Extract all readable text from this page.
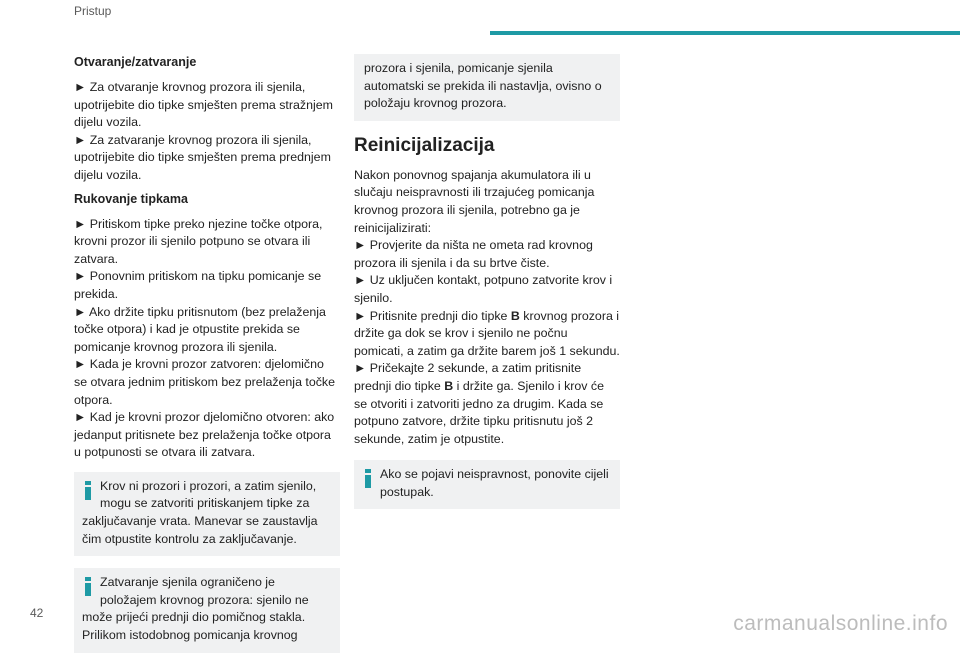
Pristup
Otvaranje/zatvaranje

► Za otvaranje krovnog prozora ili sjenila, upotrijebite dio tipke smješten prema stražnjem dijelu vozila.

► Za zatvaranje krovnog prozora ili sjenila, upotrijebite dio tipke smješten prema prednjem dijelu vozila.

Rukovanje tipkama

► Pritiskom tipke preko njezine točke otpora, krovni prozor ili sjenilo potpuno se otvara ili zatvara.

► Ponovnim pritiskom na tipku pomicanje se prekida.

► Ako držite tipku pritisnutom (bez prelaženja točke otpora) i kad je otpustite prekida se pomicanje krovnog prozora ili sjenila.

► Kada je krovni prozor zatvoren: djelomično se otvara jednim pritiskom bez prelaženja točke otpora.

► Kad je krovni prozor djelomično otvoren: ako jedanput pritisnete bez prelaženja točke otpora u potpunosti se otvara ili zatvara.

Krov ni prozori i prozori, a zatim sjenilo, mogu se zatvoriti pritiskanjem tipke za zaključavanje vrata. Manevar se zaustavlja čim otpustite kontrolu za zaključavanje.
Zatvaranje sjenila ograničeno je položajem krovnog prozora: sjenilo ne može prijeći prednji dio pomičnog stakla. Prilikom istodobnog pomicanja krovnog
prozora i sjenila, pomicanje sjenila automatski se prekida ili nastavlja, ovisno o položaju krovnog prozora.
Reinicijalizacija

Nakon ponovnog spajanja akumulatora ili u slučaju neispravnosti ili trzajućeg pomicanja krovnog prozora ili sjenila, potrebno ga je reinicijalizirati:

► Provjerite da ništa ne ometa rad krovnog prozora ili sjenila i da su brtve čiste.

► Uz uključen kontakt, potpuno zatvorite krov i sjenilo.

► Pritisnite prednji dio tipke B krovnog prozora i držite ga dok se krov i sjenilo ne počnu pomicati, a zatim ga držite barem još 1 sekundu.

► Pričekajte 2 sekunde, a zatim pritisnite prednji dio tipke B i držite ga. Sjenilo i krov će se otvoriti i zatvoriti jedno za drugim. Kada se potpuno zatvore, držite tipku pritisnutu još 2 sekunde, zatim je otpustite.

Ako se pojavi neispravnost, ponovite cijeli postupak.
42	carmanualsonline.info
